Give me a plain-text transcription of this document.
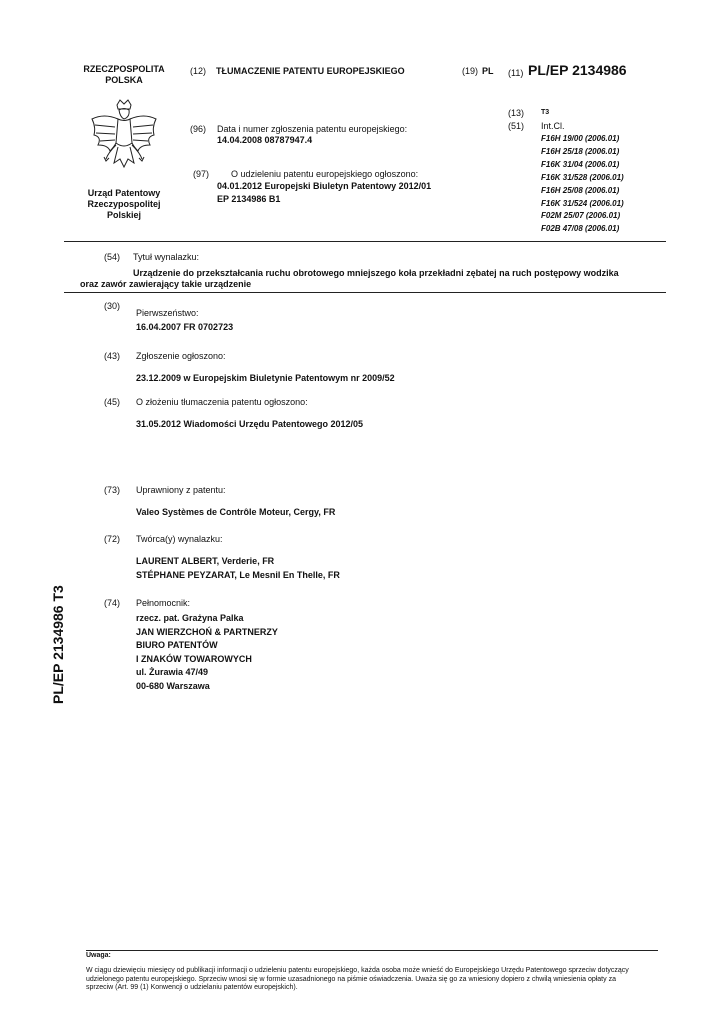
RZECZPOSPOLITA
POLSKA
Urząd Patentowy
Rzeczypospolitej
Polskiej
(12) TŁUMACZENIE PATENTU EUROPEJSKIEGO	(19) PL (11) PL/EP 2134986
(13) T3
(51) Int.Cl.
F16H 19/00 (2006.01)
F16H 25/18 (2006.01)
F16K 31/04 (2006.01)
F16K 31/528 (2006.01)
F16H 25/08 (2006.01)
F16K 31/524 (2006.01)
F02M 25/07 (2006.01)
F02B 47/08 (2006.01)
(96) Data i numer zgłoszenia patentu europejskiego:
14.04.2008 08787947.4
(97) O udzieleniu patentu europejskiego ogłoszono:
04.01.2012 Europejski Biuletyn Patentowy 2012/01
EP 2134986 B1
(54) Tytuł wynalazku:
Urządzenie do przekształcania ruchu obrotowego mniejszego koła przekładni zębatej na ruch postępowy wodzika
oraz zawór zawierający takie urządzenie
(30)
Pierwszeństwo:
16.04.2007 FR 0702723
(43) Zgłoszenie ogłoszono:
23.12.2009 w Europejskim Biuletynie Patentowym nr 2009/52
(45) O złożeniu tłumaczenia patentu ogłoszono:
31.05.2012 Wiadomości Urzędu Patentowego 2012/05
(73) Uprawniony z patentu:
Valeo Systèmes de Contrôle Moteur, Cergy, FR
(72) Twórca(y) wynalazku:
LAURENT ALBERT, Verderie, FR
STÉPHANE PEYZARAT, Le Mesnil En Thelle, FR
(74) Pełnomocnik:
rzecz. pat. Grażyna Palka
JAN WIERZCHOŃ & PARTNERZY
BIURO PATENTÓW
I ZNAKÓW TOWAROWYCH
ul. Żurawia 47/49
00-680 Warszawa
PL/EP 2134986 T3
Uwaga:
W ciągu dziewięciu miesięcy od publikacji informacji o udzieleniu patentu europejskiego, każda osoba może wnieść do Europejskiego Urzędu Patentowego sprzeciw dotyczący
udzielonego patentu europejskiego. Sprzeciw wnosi się w formie uzasadnionego na piśmie oświadczenia. Uważa się go za wniesiony dopiero z chwilą wniesienia opłaty za
sprzeciw (Art. 99 (1) Konwencji o udzielaniu patentów europejskich).
